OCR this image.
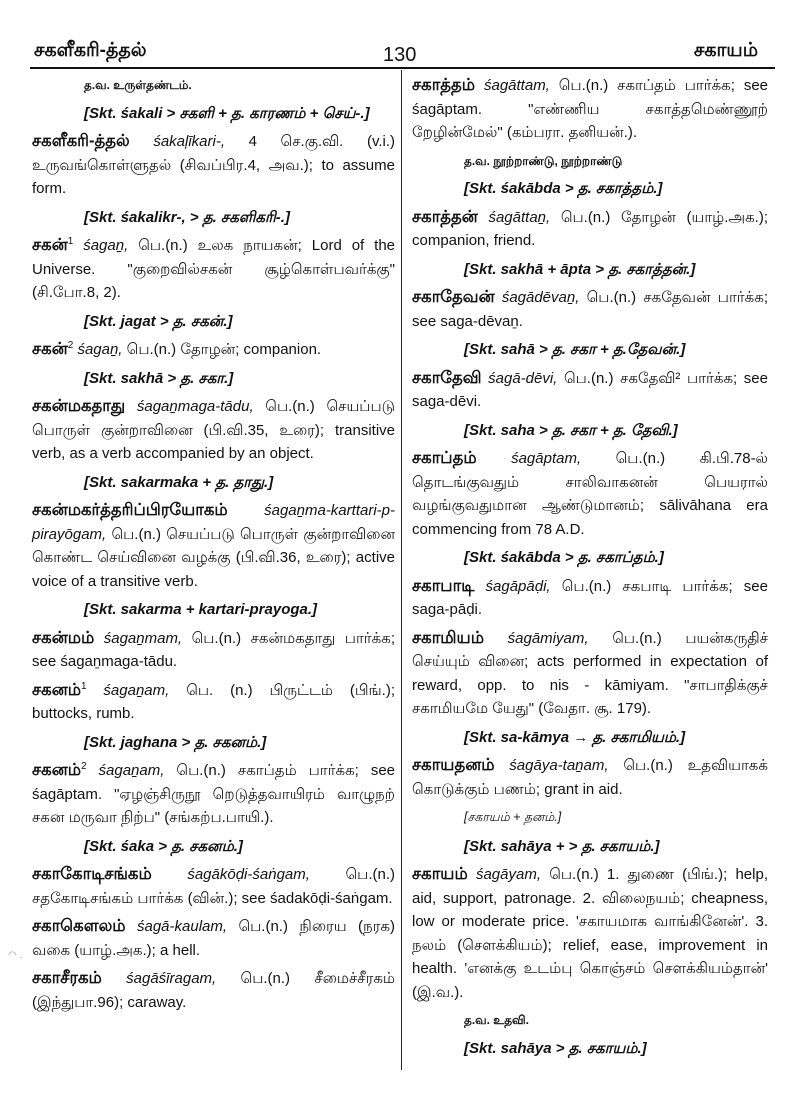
சகளீகரி-த்தல்	130	சகாயம்
த.வ. உருள்தண்டம்.
[Skt. śakali > சகளி + த. காரணம் + செய்-.]
சகளீகரி-த்தல் śakaļīkari-, 4 செ.கு.வி. (v.i.) உருவங்கொள்ளுதல் (சிவப்பிர.4, அவ.); to assume form.
[Skt. śakalikr-, > த. சகளிகரி-.]
சகன்$^1$ śagaṉ, பெ.(n.) உலக நாயகன்; Lord of the Universe. "குறைவில்சகன் சூழ்கொள்பவர்க்கு" (சி.போ.8, 2).
[Skt. jagat > த. சகன்.]
சகன்$^2$ śagaṉ, பெ.(n.) தோழன்; companion.
[Skt. sakhā > த. சகா.]
சகன்மகதாது śagaṉmaga-tādu, பெ.(n.) செயப்படு பொருள் குன்றாவினை (பி.வி.35, உரை); transitive verb, as a verb accompanied by an object.
[Skt. sakarmaka + த. தாது.]
சகன்மகர்த்தரிப்பிரயோகம் śagaṉma-karttari-p-pirayōgam, பெ.(n.) செயப்படு பொருள் குன்றாவினை கொண்ட செய்வினை வழக்கு (பி.வி.36, உரை); active voice of a transitive verb.
[Skt. sakarma + kartari-prayoga.]
சகன்மம் śagaṉmam, பெ.(n.) சகன்மகதாது பார்க்க; see śagaṉmaga-tādu.
சகனம்$^1$ śagaṉam, பெ. (n.) பிருட்டம் (பிங்.); buttocks, rumb.
[Skt. jaghana > த. சகனம்.]
சகனம்$^2$ śagaṉam, பெ.(n.) சகாப்தம் பார்க்க; see śagāptam. "ஏழஞ்சிருநூ றெடுத்தவாயிரம் வாழுநற் சகன மருவா நிற்ப" (சங்கற்ப.பாயி.).
[Skt. śaka > த. சகனம்.]
சகாகோடிசங்கம் śagākōḍi-śaṅgam, பெ.(n.) சதகோடிசங்கம் பார்க்க (வின்.); see śadakōḍi-śaṅgam.
சகாகௌலம் śagā-kaulam, பெ.(n.) நிரைய (நரக) வகை (யாழ்.அக.); a hell.
சகாசீரகம் śagāśīragam, பெ.(n.) சீமைச்சீரகம் (இந்துபா.96); caraway.
சகாத்தம் śagāttam, பெ.(n.) சகாப்தம் பார்க்க; see śagāptam. "எண்ணிய சகாத்தமெண்ணூற் றேழின்மேல்" (கம்பரா. தனியன்.).
த.வ. நூற்றாண்டு, நூற்றாண்டு
[Skt. śakābda > த. சகாத்தம்.]
சகாத்தன் śagāttaṉ, பெ.(n.) தோழன் (யாழ்.அக.); companion, friend.
[Skt. sakhā + āpta > த. சகாத்தன்.]
சகாதேவன் śagādēvaṉ, பெ.(n.) சகதேவன் பார்க்க; see saga-dēvaṉ.
[Skt. sahā > த. சகா + த.தேவன்.]
சகாதேவி śagā-dēvi, பெ.(n.) சகதேவி² பார்க்க; see saga-dēvi.
[Skt. saha > த. சகா + த. தேவி.]
சகாப்தம் śagāptam, பெ.(n.) கி.பி.78-ல் தொடங்குவதும் சாலிவாகனன் பெயரால் வழங்குவதுமான ஆண்டுமானம்; sālivāhana era commencing from 78 A.D.
[Skt. śakābda > த. சகாப்தம்.]
சகாபாடி śagāpāḍi, பெ.(n.) சகபாடி பார்க்க; see saga-pāḍi.
சகாமியம் śagāmiyam, பெ.(n.) பயன்கருதிச் செய்யும் வினை; acts performed in expectation of reward, opp. to nis - kāmiyam. "சாபாதிக்குச் சகாமியமே யேது" (வேதா. சூ. 179).
[Skt. sa-kāmya → த. சகாமியம்.]
சகாயதனம் śagāya-taṉam, பெ.(n.) உதவியாகக் கொடுக்கும் பணம்; grant in aid.
[சகாயம் + தனம்.]
[Skt. sahāya + > த. சகாயம்.]
சகாயம் śagāyam, பெ.(n.) 1. துணை (பிங்.); help, aid, support, patronage. 2. விலைநயம்; cheapness, low or moderate price. 'சகாயமாக வாங்கினேன்'. 3. நலம் (சௌக்கியம்); relief, ease, improvement in health. 'எனக்கு உடம்பு கொஞ்சம் சௌக்கியம்தான்' (இ.வ.).
த.வ. உதவி.
[Skt. sahāya > த. சகாயம்.]
◠ .
